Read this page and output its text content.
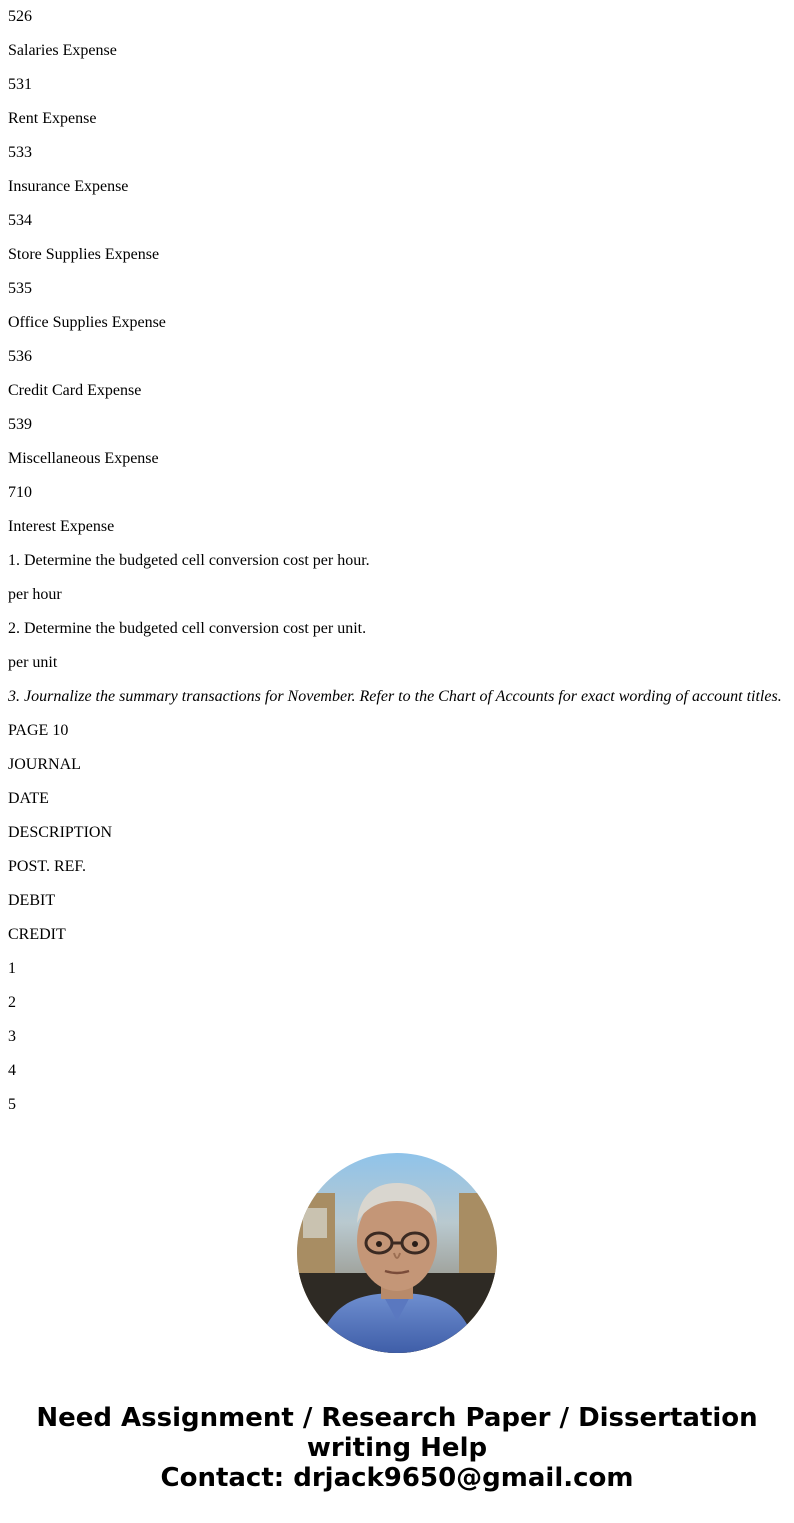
526
Salaries Expense
531
Rent Expense
533
Insurance Expense
534
Store Supplies Expense
535
Office Supplies Expense
536
Credit Card Expense
539
Miscellaneous Expense
710
Interest Expense
1. Determine the budgeted cell conversion cost per hour.
per hour
2. Determine the budgeted cell conversion cost per unit.
per unit
3. Journalize the summary transactions for November. Refer to the Chart of Accounts for exact wording of account titles.
PAGE 10
JOURNAL
DATE
DESCRIPTION
POST. REF.
DEBIT
CREDIT
1
2
3
4
5
Need Assignment / Research Paper / Dissertation
writing Help
Contact: drjack9650@gmail.com
